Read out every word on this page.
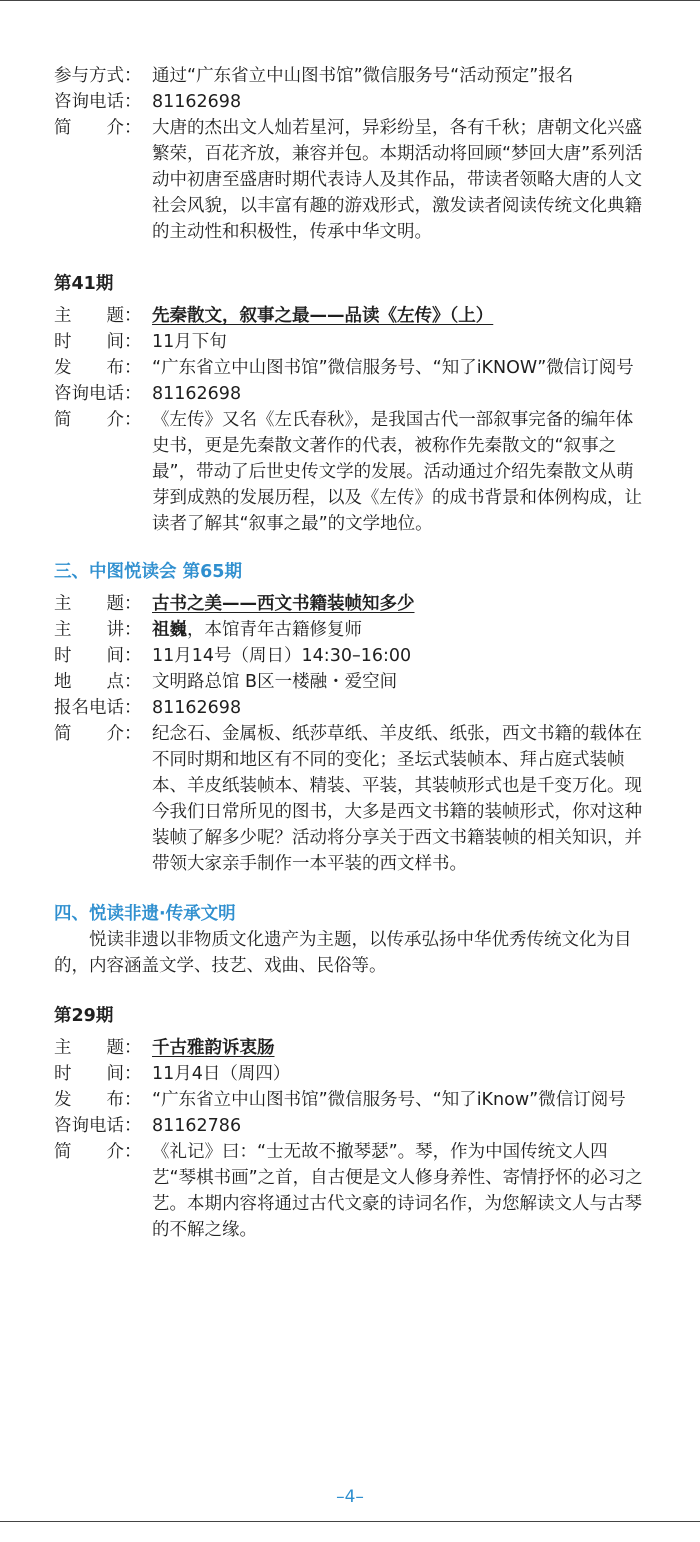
参与方式： 通过“广东省立中山图书馆”微信服务号“活动预定”报名
咨询电话： 81162698
简　　介： 大唐的杰出文人灿若星河，异彩纷呈，各有千秋；唐朝文化兴盛繁荣，百花齐放，兼容并包。本期活动将回顾“梦回大唐”系列活动中初唐至盛唐时期代表诗人及其作品，带读者领略大唐的人文社会风貌，以丰富有趣的游戏形式，激发读者阅读传统文化典籍的主动性和积极性，传承中华文明。
第41期
主　　题： 先秦散文，叙事之最——品读《左传》（上）
时　　间： 11月下旬
发　　布： “广东省立中山图书馆”微信服务号、“知了iKNOW”微信订阅号
咨询电话： 81162698
简　　介： 《左传》又名《左氏春秋》，是我国古代一部叙事完备的编年体史书，更是先秦散文著作的代表，被称作先秦散文的“叙事之最”，带动了后世史传文学的发展。活动通过介绍先秦散文从萌芽到成熟的发展历程，以及《左传》的成书背景和体例构成，让读者了解其“叙事之最”的文学地位。
三、中图悦读会 第65期
主　　题： 古书之美——西文书籍装帧知多少
主　　讲： 祖巍，本馆青年古籍修复师
时　　间： 11月14号（周日）14:30–16:00
地　　点： 文明路总馆 B区一楼融・爱空间
报名电话： 81162698
简　　介： 纪念石、金属板、纸莎草纸、羊皮纸、纸张，西文书籍的载体在不同时期和地区有不同的变化；圣坛式装帧本、拜占庭式装帧本、羊皮纸装帧本、精装、平装，其装帧形式也是千变万化。现今我们日常所见的图书，大多是西文书籍的装帧形式，你对这种装帧了解多少呢？活动将分享关于西文书籍装帧的相关知识，并带领大家亲手制作一本平装的西文样书。
四、悦读非遗·传承文明
悦读非遗以非物质文化遗产为主题，以传承弘扬中华优秀传统文化为目的，内容涵盖文学、技艺、戏曲、民俗等。
第29期
主　　题： 千古雅韵诉衷肠
时　　间： 11月4日（周四）
发　　布： “广东省立中山图书馆”微信服务号、“知了iKnow”微信订阅号
咨询电话： 81162786
简　　介： 《礼记》曰：“士无故不撤琴瑟”。琴，作为中国传统文人四艺“琴棋书画”之首，自古便是文人修身养性、寄情抒怀的必习之艺。本期内容将通过古代文豪的诗词名作，为您解读文人与古琴的不解之缘。
–4–
